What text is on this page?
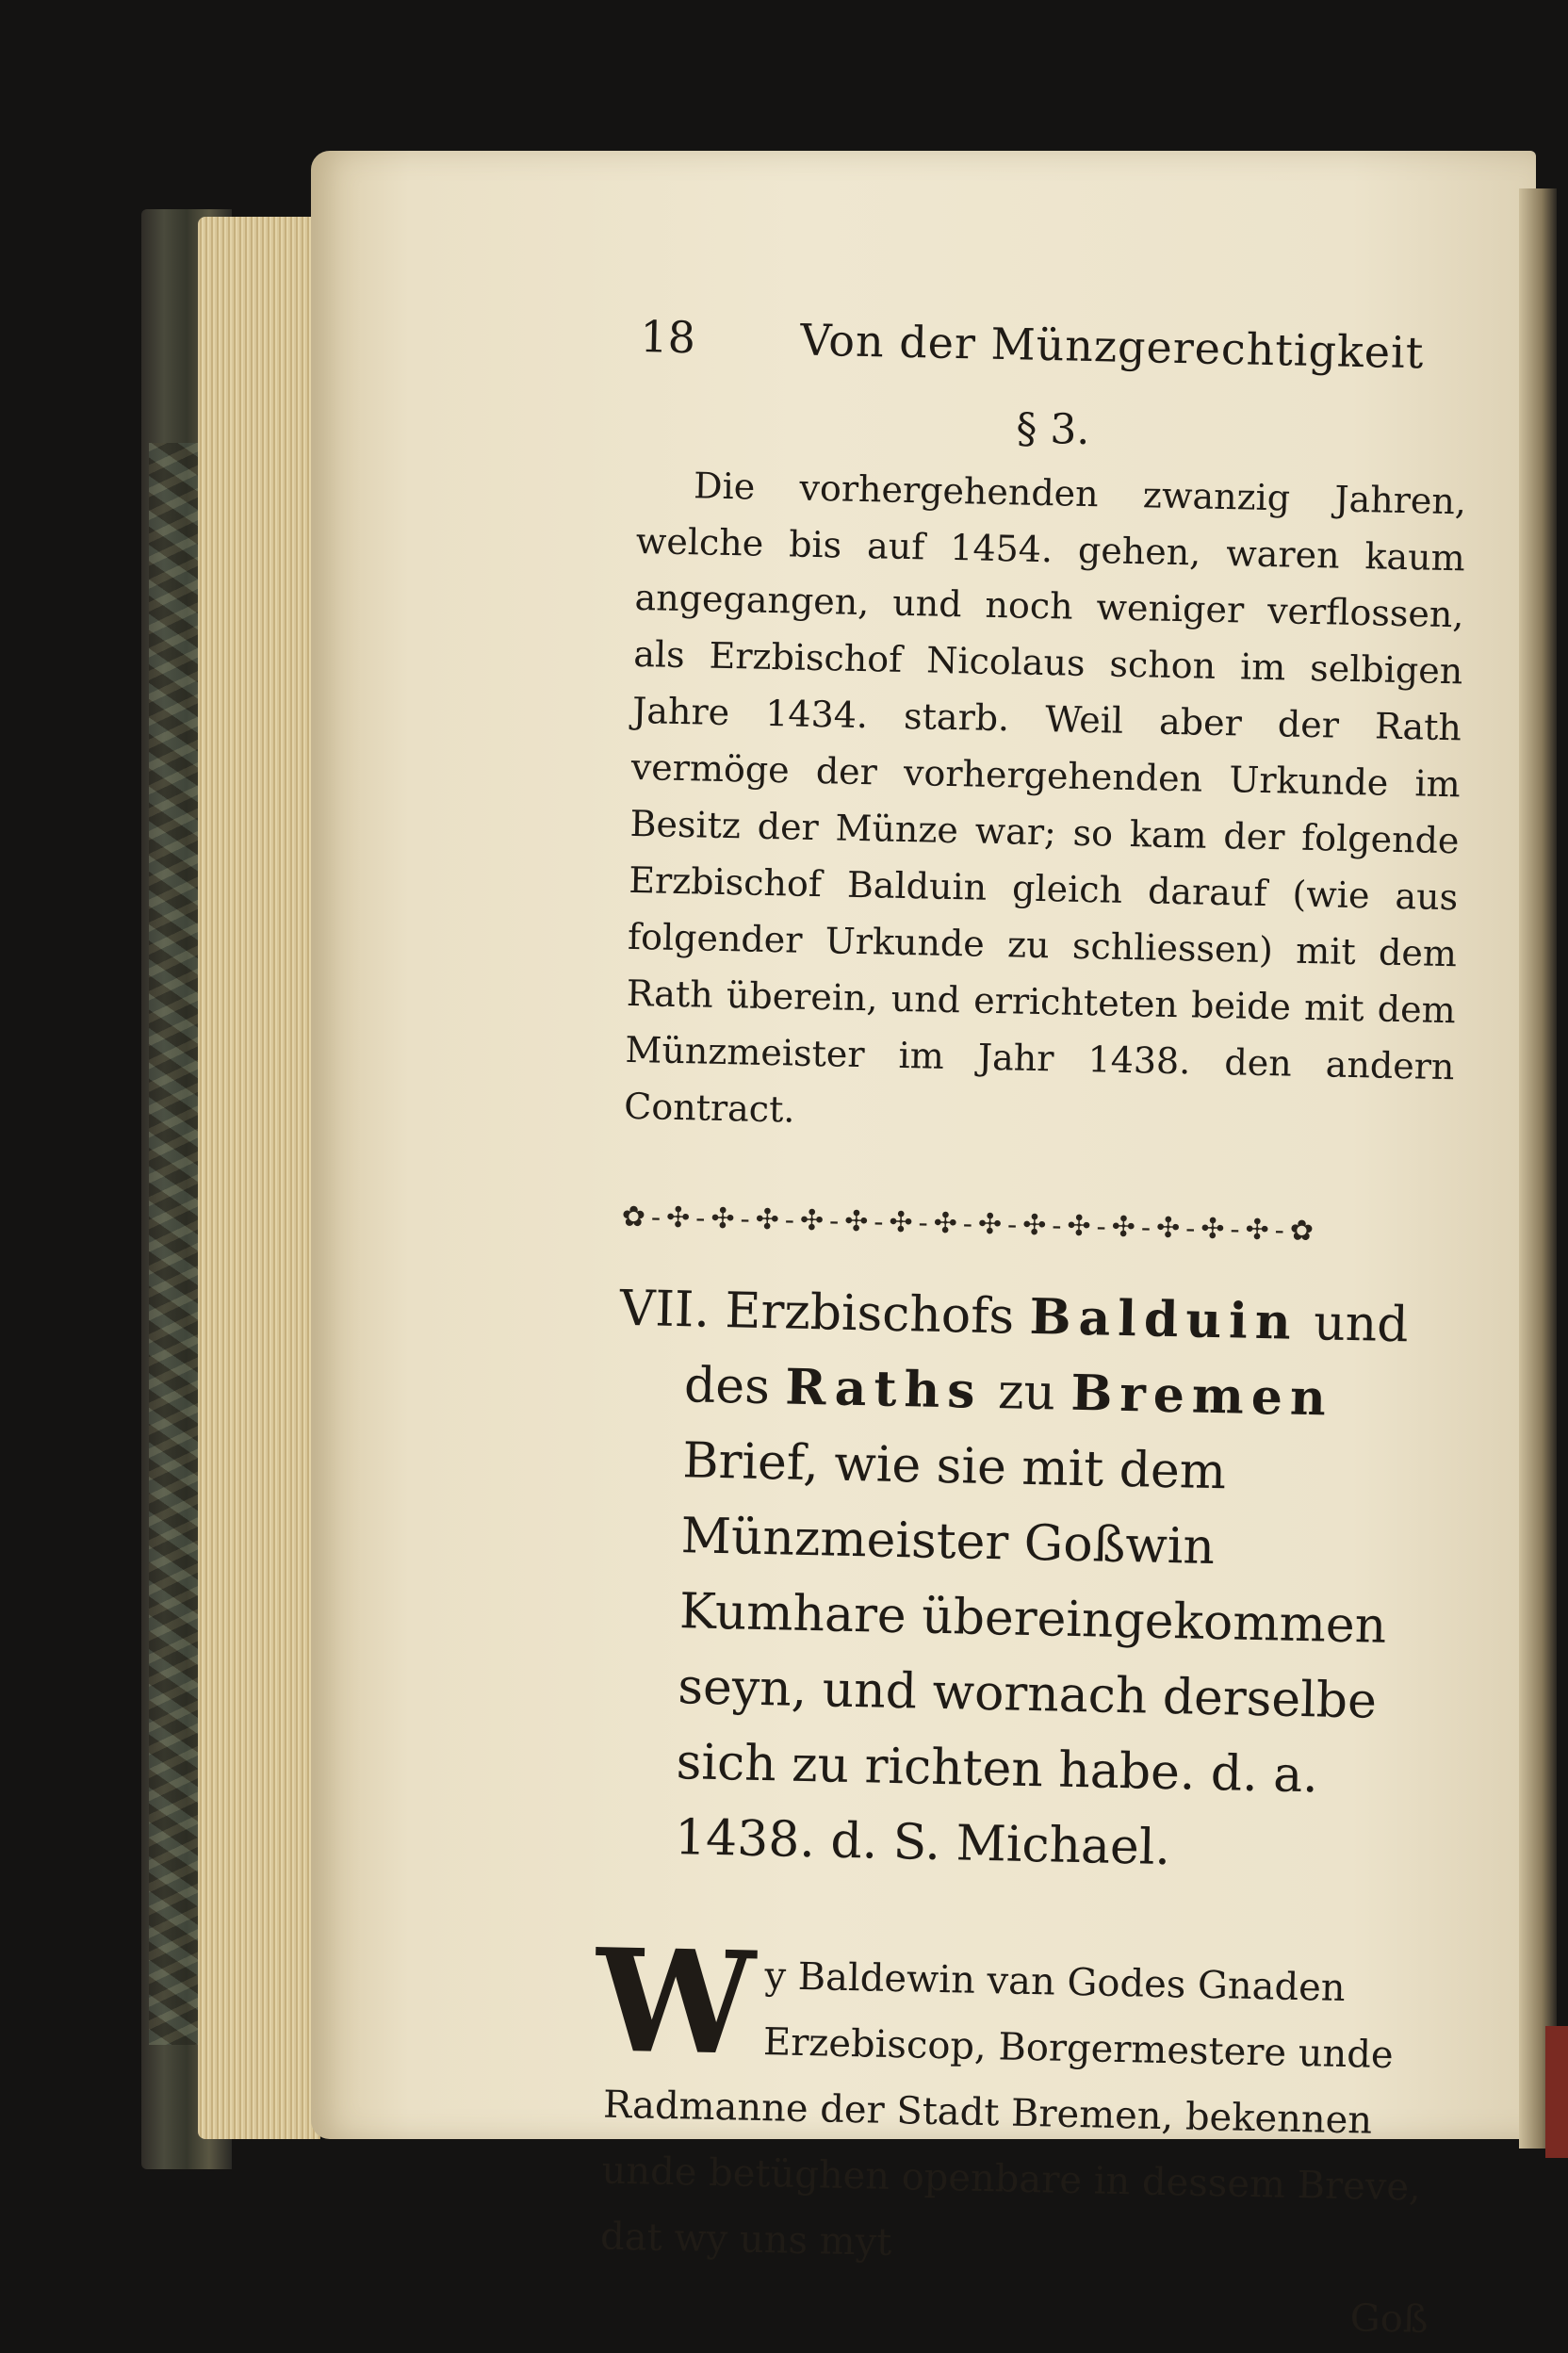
18	Von der Münzgerechtigkeit
§ 3.

Die vorhergehenden zwanzig Jahren, welche bis auf 1454. gehen, waren kaum angegangen, und noch weniger verflossen, als Erzbischof Nicolaus schon im selbigen Jahre 1434. starb. Weil aber der Rath vermöge der vorhergehenden Urkunde im Besitz der Münze war; so kam der folgende Erzbischof Balduin gleich darauf (wie aus folgender Urkunde zu schliessen) mit dem Rath überein, und errichteten beide mit dem Münzmeister im Jahr 1438. den andern Contract.

✿-✣-✣-✣-✣-✣-✣-✣-✣-✣-✣-✣-✣-✣-✣-✿

VII. Erzbischofs Balduin und des Raths zu Bremen Brief, wie sie mit dem Münzmeister Goßwin Kumhare übereingekommen seyn, und wornach derselbe sich zu richten habe. d. a. 1438. d. S. Michael.

W y Baldewin van Godes Gnaden Erzebiscop, Borgermestere unde Radmanne der Stadt Bremen, bekennen unde betüghen openbare in dessem Breve, dat wy uns myt
Goß
